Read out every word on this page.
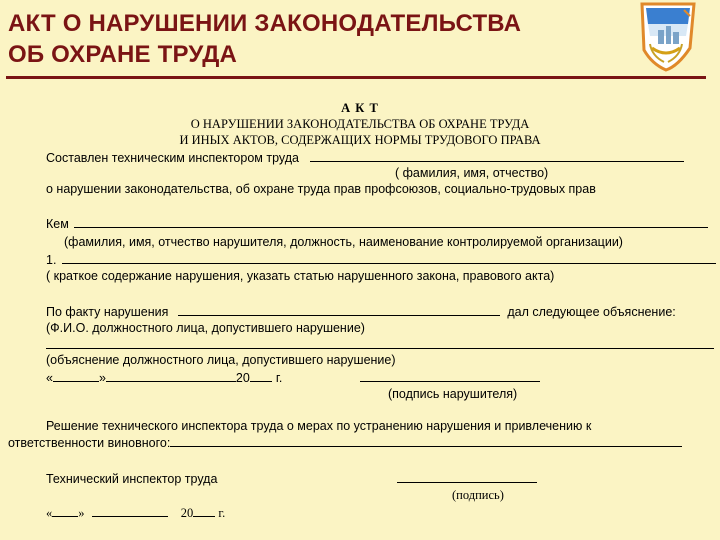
АКТ О НАРУШЕНИИ ЗАКОНОДАТЕЛЬСТВА
ОБ ОХРАНЕ ТРУДА
А К Т
О НАРУШЕНИИ ЗАКОНОДАТЕЛЬСТВА ОБ ОХРАНЕ ТРУДА
И ИНЫХ АКТОВ, СОДЕРЖАЩИХ НОРМЫ ТРУДОВОГО ПРАВА
Составлен техническим инспектором труда
( фамилия, имя, отчество)
о нарушении законодательства, об охране труда прав профсоюзов, социально-трудовых прав
Кем
(фамилия, имя, отчество нарушителя, должность, наименование контролируемой организации)
1.
( краткое содержание нарушения, указать статью нарушенного закона, правового акта)
По факту нарушения	дал следующее объяснение:
(Ф.И.О. должностного лица, допустившего нарушение)
(объяснение должностного лица, допустившего нарушение)
«	»	20 г.
(подпись нарушителя)
Решение технического инспектора труда о мерах по устранению нарушения и привлечению к
ответственности виновного:
Технический инспектор труда
(подпись)
« »	20 г.
